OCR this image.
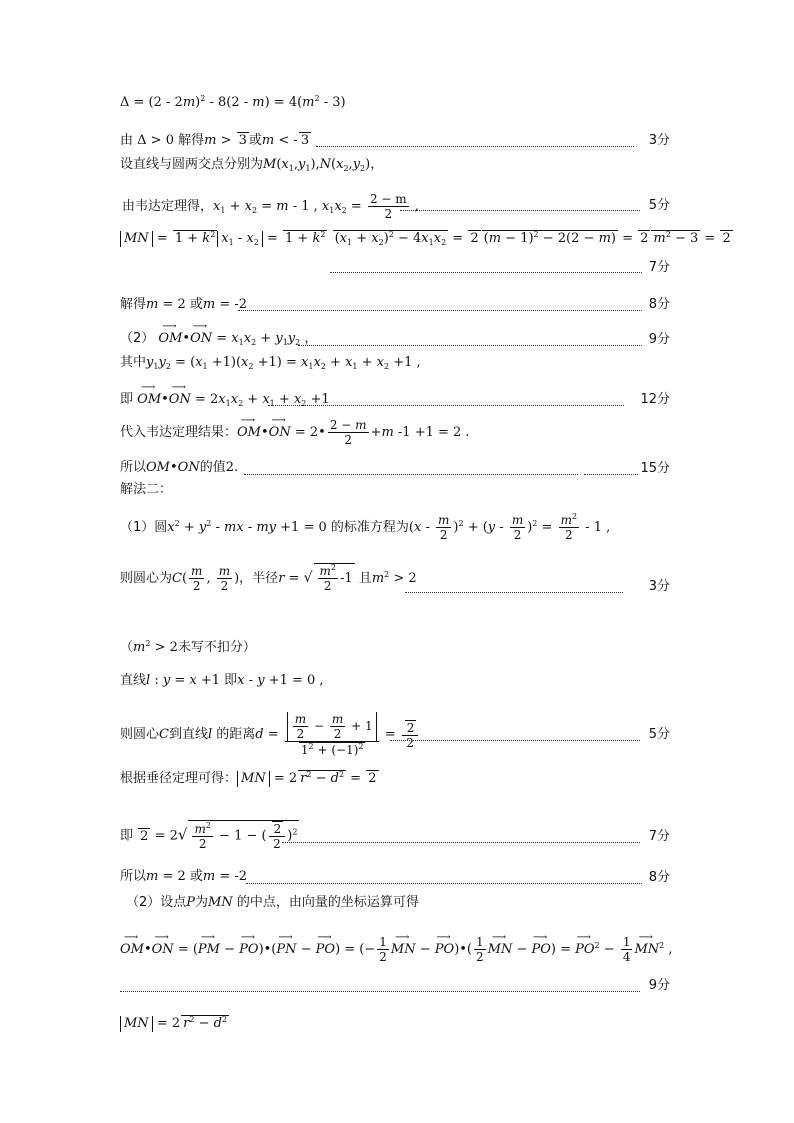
$\Delta = (2 - 2m)^2 - 8(2 - m) = 4(m^2 - 3)$
由 Δ > 0 解得m > 3 或m < - 3	3分
设直线与圆两交点分别为$M(x_1,y_1),N(x_2,y_2)$，
由韦达定理得，$x_1 + x_2 = m - 1$ , $x_1x_2 = \frac{2 - m}{2}$ ,	5分
MN = $1 + k^2$ $x_1 - x_2 = 1 + k^2$ $(x_1 + x_2)^2 - 4x_1x_2 = 2$ $(m - 1)^2 - 2(2 - m) = 2$ $m^2 - 3 = 2$
7分
解得m = 2 或m = -2	8分
（2） ⟶ OM•⟶ ON = $x_1x_2 + y_1y_2$ ，	9分
其中$y_1y_2 = (x_1 +1)(x_2 +1) = x_1x_2 + x_1 + x_2 +1$ ,
即 ⟶ OM•⟶ ON = $2x_1x_2 + x_1 + x_2 +1$	12分
代入韦达定理结果：⟶ OM•⟶ ON = 2• $\frac{2 - m}{2} +m$ -1 +1 = 2 .
所以OM•ON的值2.	15分
解法二：
（1）圆$x^2 + y^2$ - mx - my +1 = 0 的标准方程为$(x - \frac{m}{2} )^2 + (y - \frac{m}{2} )^2 = \frac{m^2}{2} - 1$ ,
则圆心为$C( \frac{m}{2}$ , $\frac{m}{2}$ )，半径r = √ $\frac{m^2}{2} -1$ 且$m^2 > 2$
3分
（$m^2 > 2$未写不扣分）
直线l : y = x +1 即x - y +1 = 0 ,
则圆心C到直线l 的距离$d = \frac{\frac{m}{2} - \frac{m}{2} + 1}{1^2 + (-1)^2} = \frac{2}{2}$	5分
根据垂径定理可得： MN = 2 $r^2 - d^2 = 2$
即 $2 = 2√ \frac{m^2}{2} - 1$ − ( $\frac{2}{2} )^2$	7分
所以m = 2 或m = -2	8分
（2）设点P为MN 的中点，由向量的坐标运算可得
⟶ OM•⟶ ON = (⟶ PM − ⟶ PO)•(⟶ PN − ⟶ PO) = (− $\frac{1}{2}$ ⟶ MN − ⟶ PO)•( $\frac{1}{2}$ ⟶ MN − ⟶ PO) = ⟶ $PO^2 - \frac{1}{4}$ ⟶ $MN^2$ ,
9分
MN = 2 $r^2 - d^2$
